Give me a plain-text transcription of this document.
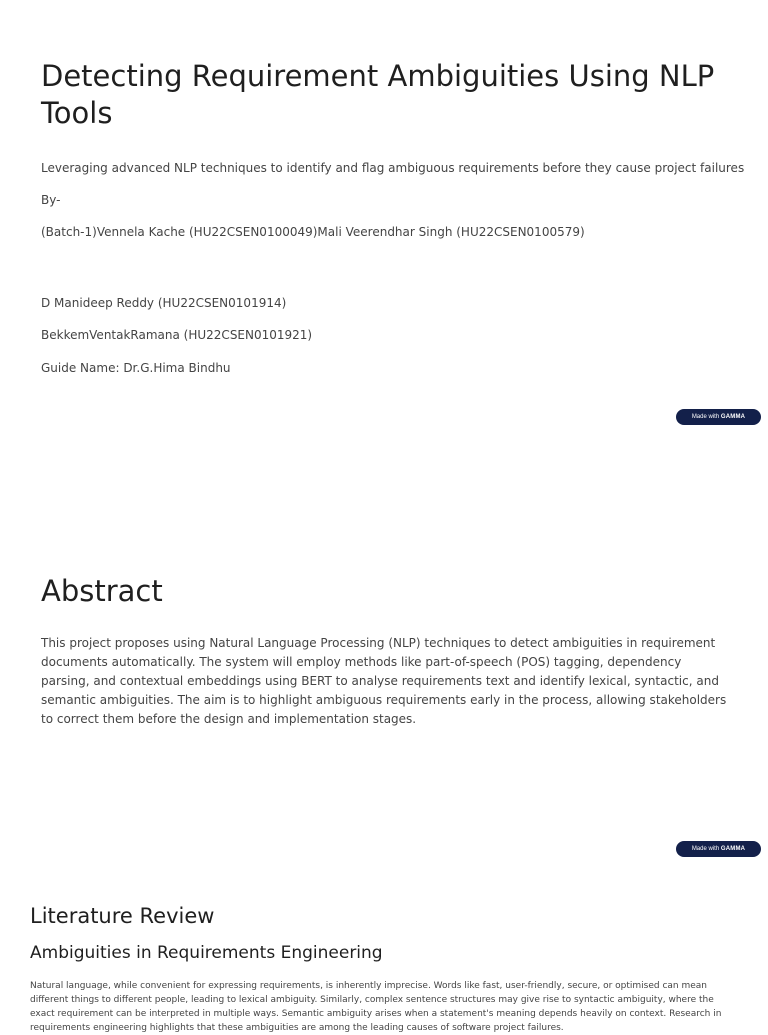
Detecting Requirement Ambiguities Using NLP Tools

Leveraging advanced NLP techniques to identify and flag ambiguous requirements before they cause project failures

By-

(Batch-1)Vennela Kache (HU22CSEN0100049)Mali Veerendhar Singh (HU22CSEN0100579)

D Manideep Reddy (HU22CSEN0101914)

BekkemVentakRamana (HU22CSEN0101921)

Guide Name: Dr.G.Hima Bindhu

Made with GAMMA
Abstract

This project proposes using Natural Language Processing (NLP) techniques to detect ambiguities in requirement documents automatically. The system will employ methods like part-of-speech (POS) tagging, dependency parsing, and contextual embeddings using BERT to analyse requirements text and identify lexical, syntactic, and semantic ambiguities. The aim is to highlight ambiguous requirements early in the process, allowing stakeholders to correct them before the design and implementation stages.

Made with GAMMA
Literature Review
Ambiguities in Requirements Engineering

Natural language, while convenient for expressing requirements, is inherently imprecise. Words like fast, user-friendly, secure, or optimised can mean different things to different people, leading to lexical ambiguity. Similarly, complex sentence structures may give rise to syntactic ambiguity, where the exact requirement can be interpreted in multiple ways. Semantic ambiguity arises when a statement's meaning depends heavily on context. Research in requirements engineering highlights that these ambiguities are among the leading causes of software project failures.
